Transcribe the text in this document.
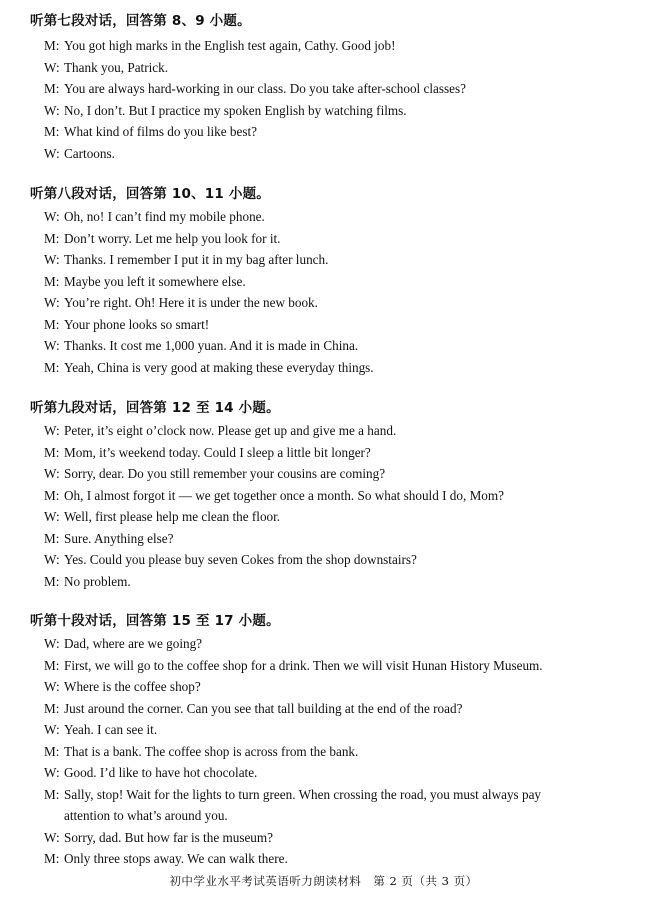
听第七段对话，回答第 8、9 小题。
M: You got high marks in the English test again, Cathy. Good job!
W: Thank you, Patrick.
M: You are always hard-working in our class. Do you take after-school classes?
W: No, I don’t. But I practice my spoken English by watching films.
M: What kind of films do you like best?
W: Cartoons.
听第八段对话，回答第 10、11 小题。
W: Oh, no! I can’t find my mobile phone.
M: Don’t worry. Let me help you look for it.
W: Thanks. I remember I put it in my bag after lunch.
M: Maybe you left it somewhere else.
W: You’re right. Oh! Here it is under the new book.
M: Your phone looks so smart!
W: Thanks. It cost me 1,000 yuan. And it is made in China.
M: Yeah, China is very good at making these everyday things.
听第九段对话，回答第 12 至 14 小题。
W: Peter, it’s eight o’clock now. Please get up and give me a hand.
M: Mom, it’s weekend today. Could I sleep a little bit longer?
W: Sorry, dear. Do you still remember your cousins are coming?
M: Oh, I almost forgot it — we get together once a month. So what should I do, Mom?
W: Well, first please help me clean the floor.
M: Sure. Anything else?
W: Yes. Could you please buy seven Cokes from the shop downstairs?
M: No problem.
听第十段对话，回答第 15 至 17 小题。
W: Dad, where are we going?
M: First, we will go to the coffee shop for a drink. Then we will visit Hunan History Museum.
W: Where is the coffee shop?
M: Just around the corner. Can you see that tall building at the end of the road?
W: Yeah. I can see it.
M: That is a bank. The coffee shop is across from the bank.
W: Good. I’d like to have hot chocolate.
M: Sally, stop! Wait for the lights to turn green. When crossing the road, you must always pay
attention to what’s around you.
W: Sorry, dad. But how far is the museum?
M: Only three stops away. We can walk there.
初中学业水平考试英语听力朗读材料　第 2 页（共 3 页）
